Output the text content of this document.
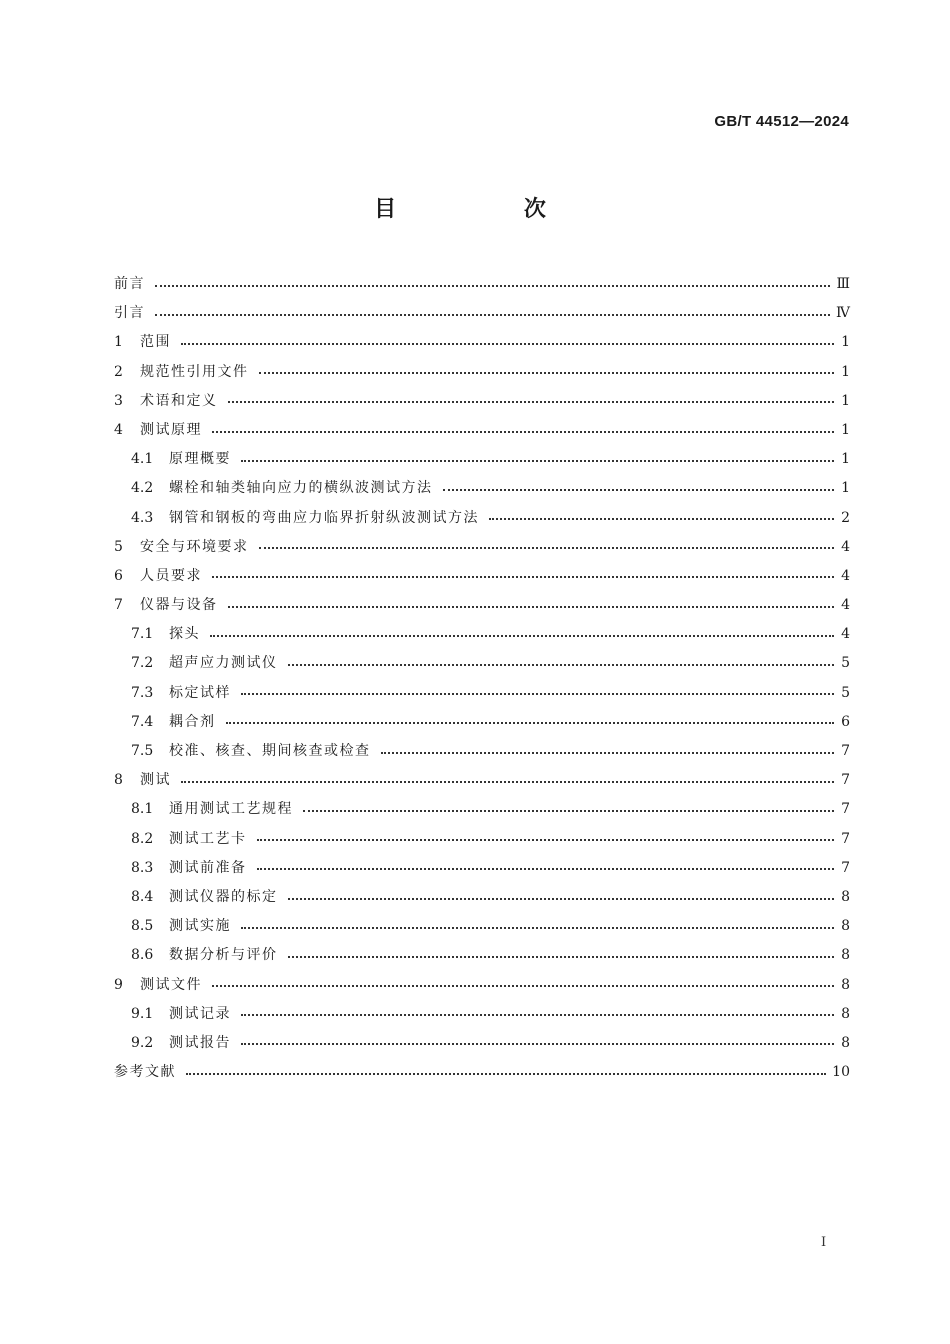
GB/T 44512—2024
目 次
前言	Ⅲ
引言	Ⅳ
1	范围	1
2	规范性引用文件	1
3	术语和定义	1
4	测试原理	1
4.1	原理概要	1
4.2	螺栓和轴类轴向应力的横纵波测试方法	1
4.3	钢管和钢板的弯曲应力临界折射纵波测试方法	2
5	安全与环境要求	4
6	人员要求	4
7	仪器与设备	4
7.1	探头	4
7.2	超声应力测试仪	5
7.3	标定试样	5
7.4	耦合剂	6
7.5	校准、核查、期间核查或检查	7
8	测试	7
8.1	通用测试工艺规程	7
8.2	测试工艺卡	7
8.3	测试前准备	7
8.4	测试仪器的标定	8
8.5	测试实施	8
8.6	数据分析与评价	8
9	测试文件	8
9.1	测试记录	8
9.2	测试报告	8
参考文献	10
I
